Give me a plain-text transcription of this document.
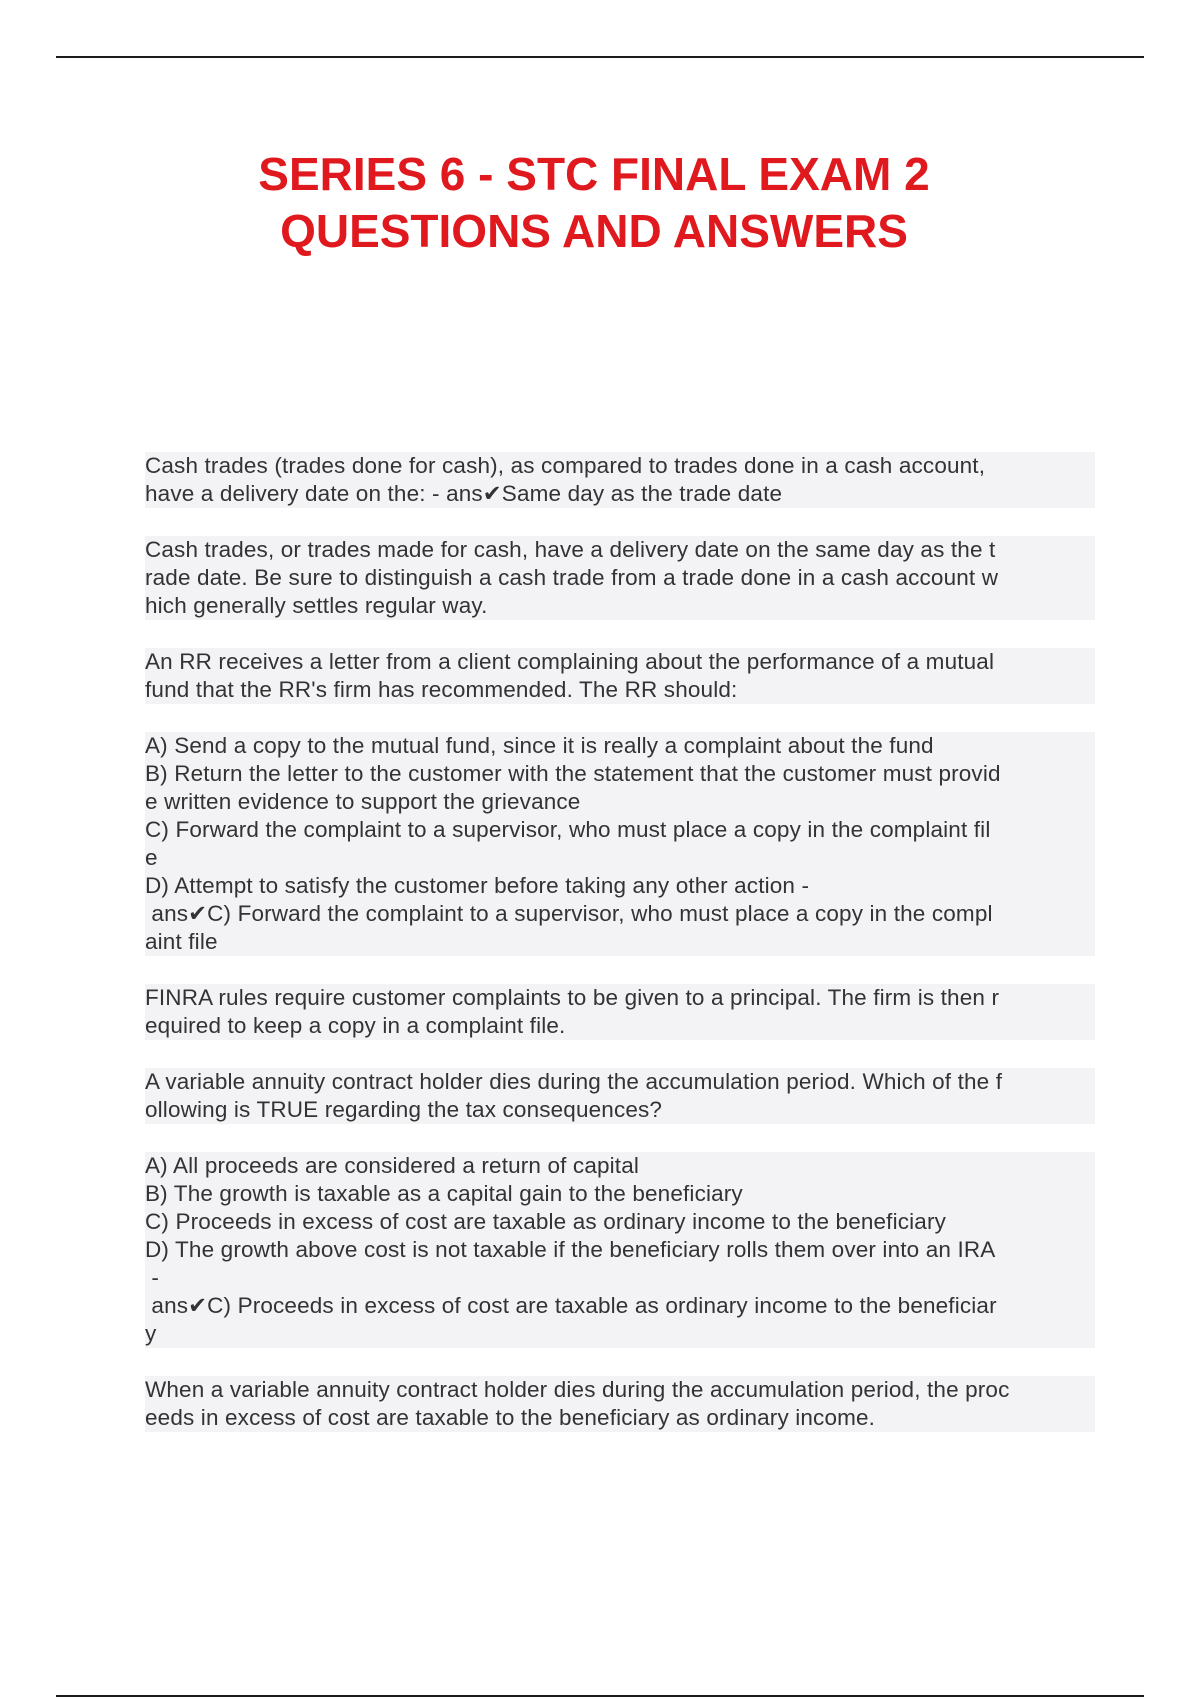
SERIES 6 - STC FINAL EXAM 2
QUESTIONS AND ANSWERS
Cash trades (trades done for cash), as compared to trades done in a cash account,
have a delivery date on the: - ans✔Same day as the trade date
Cash trades, or trades made for cash, have a delivery date on the same day as the t
rade date. Be sure to distinguish a cash trade from a trade done in a cash account w
hich generally settles regular way.
An RR receives a letter from a client complaining about the performance of a mutual
fund that the RR's firm has recommended. The RR should:
A) Send a copy to the mutual fund, since it is really a complaint about the fund
B) Return the letter to the customer with the statement that the customer must provid
e written evidence to support the grievance
C) Forward the complaint to a supervisor, who must place a copy in the complaint fil
e
D) Attempt to satisfy the customer before taking any other action -
ans✔C) Forward the complaint to a supervisor, who must place a copy in the compl
aint file
FINRA rules require customer complaints to be given to a principal. The firm is then r
equired to keep a copy in a complaint file.
A variable annuity contract holder dies during the accumulation period. Which of the f
ollowing is TRUE regarding the tax consequences?
A) All proceeds are considered a return of capital
B) The growth is taxable as a capital gain to the beneficiary
C) Proceeds in excess of cost are taxable as ordinary income to the beneficiary
D) The growth above cost is not taxable if the beneficiary rolls them over into an IRA
-
ans✔C) Proceeds in excess of cost are taxable as ordinary income to the beneficiar
y
When a variable annuity contract holder dies during the accumulation period, the proc
eeds in excess of cost are taxable to the beneficiary as ordinary income.
